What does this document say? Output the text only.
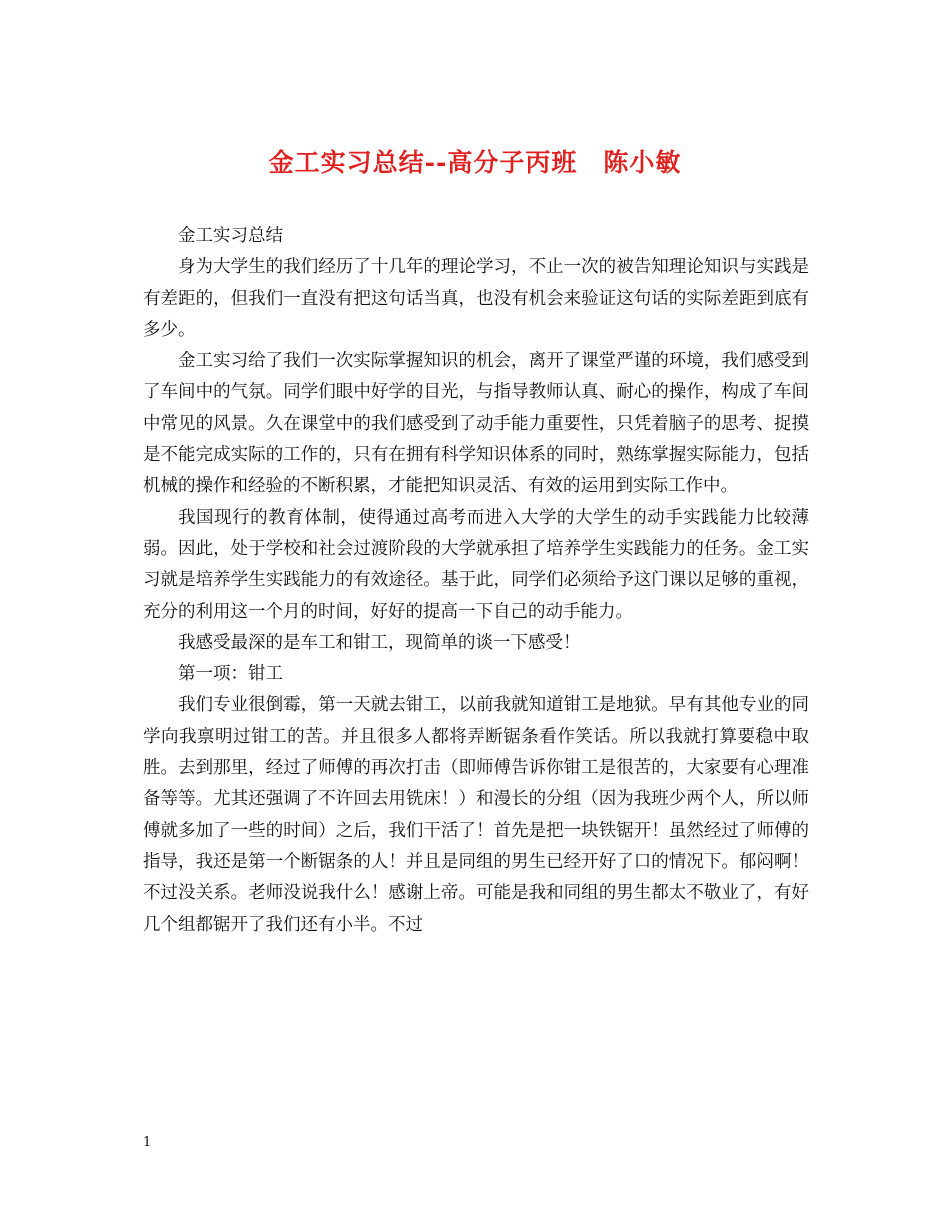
金工实习总结--高分子丙班　陈小敏

金工实习总结

身为大学生的我们经历了十几年的理论学习，不止一次的被告知理论知识与实践是有差距的，但我们一直没有把这句话当真，也没有机会来验证这句话的实际差距到底有多少。

金工实习给了我们一次实际掌握知识的机会，离开了课堂严谨的环境，我们感受到了车间中的气氛。同学们眼中好学的目光，与指导教师认真、耐心的操作，构成了车间中常见的风景。久在课堂中的我们感受到了动手能力重要性，只凭着脑子的思考、捉摸是不能完成实际的工作的，只有在拥有科学知识体系的同时，熟练掌握实际能力，包括机械的操作和经验的不断积累，才能把知识灵活、有效的运用到实际工作中。

我国现行的教育体制，使得通过高考而进入大学的大学生的动手实践能力比较薄弱。因此，处于学校和社会过渡阶段的大学就承担了培养学生实践能力的任务。金工实习就是培养学生实践能力的有效途径。基于此，同学们必须给予这门课以足够的重视，充分的利用这一个月的时间，好好的提高一下自己的动手能力。

我感受最深的是车工和钳工，现简单的谈一下感受！

第一项：钳工

我们专业很倒霉，第一天就去钳工，以前我就知道钳工是地狱。早有其他专业的同学向我禀明过钳工的苦。并且很多人都将弄断锯条看作笑话。所以我就打算要稳中取胜。去到那里，经过了师傅的再次打击（即师傅告诉你钳工是很苦的，大家要有心理准备等等。尤其还强调了不许回去用铣床！）和漫长的分组（因为我班少两个人，所以师傅就多加了一些的时间）之后，我们干活了！首先是把一块铁锯开！虽然经过了师傅的指导，我还是第一个断锯条的人！并且是同组的男生已经开好了口的情况下。郁闷啊！不过没关系。老师没说我什么！感谢上帝。可能是我和同组的男生都太不敬业了，有好几个组都锯开了我们还有小半。不过

1
